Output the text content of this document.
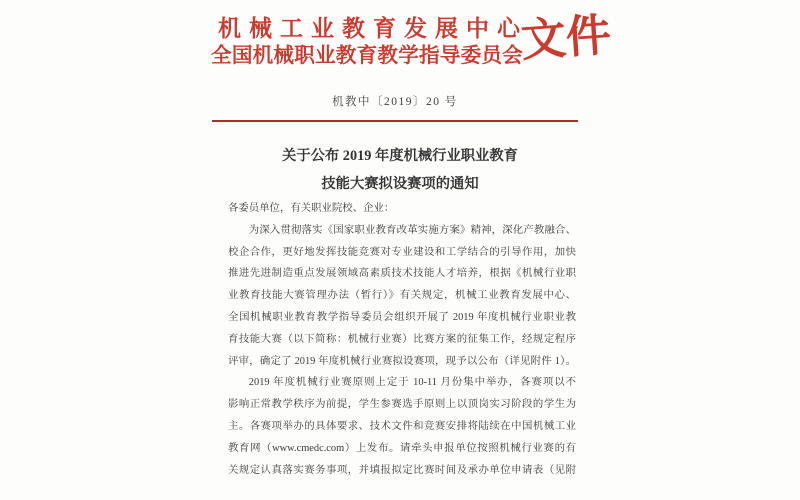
机械工业教育发展中心
全国机械职业教育教学指导委员会
文件
机教中〔2019〕20 号
关于公布 2019 年度机械行业职业教育
技能大赛拟设赛项的通知
各委员单位，有关职业院校、企业：
为深入贯彻落实《国家职业教育改革实施方案》精神，深化产教融合、
校企合作，更好地发挥技能竞赛对专业建设和工学结合的引导作用，加快
推进先进制造重点发展领域高素质技术技能人才培养，根据《机械行业职
业教育技能大赛管理办法（暂行）》有关规定，机械工业教育发展中心、
全国机械职业教育教学指导委员会组织开展了 2019 年度机械行业职业教
育技能大赛（以下简称：机械行业赛）比赛方案的征集工作，经规定程序
评审，确定了 2019 年度机械行业赛拟设赛项，现予以公布（详见附件 1）。
2019 年度机械行业赛原则上定于 10-11 月份集中举办，各赛项以不
影响正常教学秩序为前提，学生参赛选手原则上以顶岗实习阶段的学生为
主。各赛项举办的具体要求、技术文件和竞赛安排将陆续在中国机械工业
教育网（www.cmedc.com）上发布。请牵头申报单位按照机械行业赛的有
关规定认真落实赛务事项，并填报拟定比赛时间及承办单位申请表（见附
